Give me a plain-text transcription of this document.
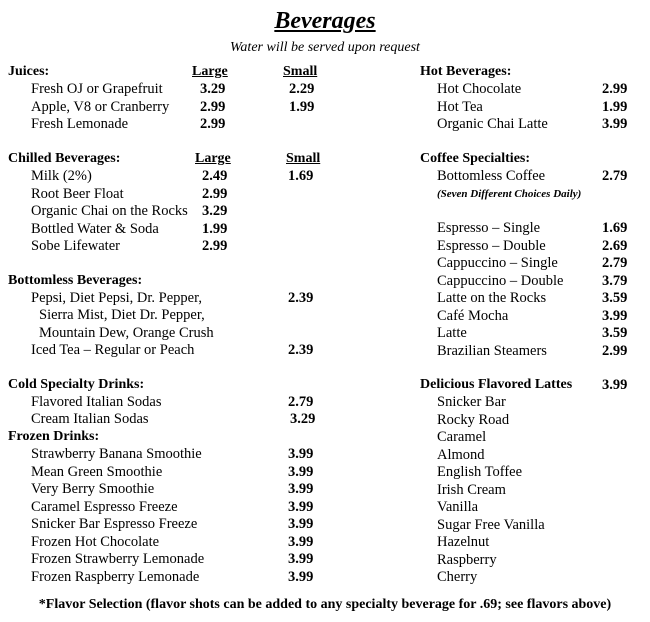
Beverages
Water will be served upon request
Juices:	Large	Small
Fresh OJ or Grapefruit	3.29	2.29
Apple, V8 or Cranberry 2.99	1.99
Fresh Lemonade	2.99
Chilled Beverages:	Large	Small
Milk (2%)	2.49	1.69
Root Beer Float	2.99
Organic Chai on the Rocks 3.29
Bottled Water & Soda	1.99
Sobe Lifewater	2.99
Bottomless Beverages:
Pepsi, Diet Pepsi, Dr. Pepper,
Sierra Mist, Diet Dr. Pepper,
Mountain Dew, Orange Crush
2.39
Iced Tea – Regular or Peach	2.39
Cold Specialty Drinks:
Flavored Italian Sodas	2.79
Cream Italian Sodas	3.29
Frozen Drinks:
Strawberry Banana Smoothie	3.99
Mean Green Smoothie	3.99
Very Berry Smoothie	3.99
Caramel Espresso Freeze	3.99
Snicker Bar Espresso Freeze	3.99
Frozen Hot Chocolate	3.99
Frozen Strawberry Lemonade	3.99
Frozen Raspberry Lemonade	3.99
Hot Beverages:
Hot Chocolate	2.99
Hot Tea	1.99
Organic Chai Latte	3.99
Coffee Specialties:
Bottomless Coffee	2.79
(Seven Different Choices Daily)
Espresso – Single	1.69
Espresso – Double	2.69
Cappuccino – Single	2.79
Cappuccino – Double	3.79
Latte on the Rocks	3.59
Café Mocha	3.99
Latte	3.59
Brazilian Steamers	2.99
Delicious Flavored Lattes 3.99
Snicker Bar
Rocky Road
Caramel
Almond
English Toffee
Irish Cream
Vanilla
Sugar Free Vanilla
Hazelnut
Raspberry
Cherry
*Flavor Selection (flavor shots can be added to any specialty beverage for .69; see flavors above)
